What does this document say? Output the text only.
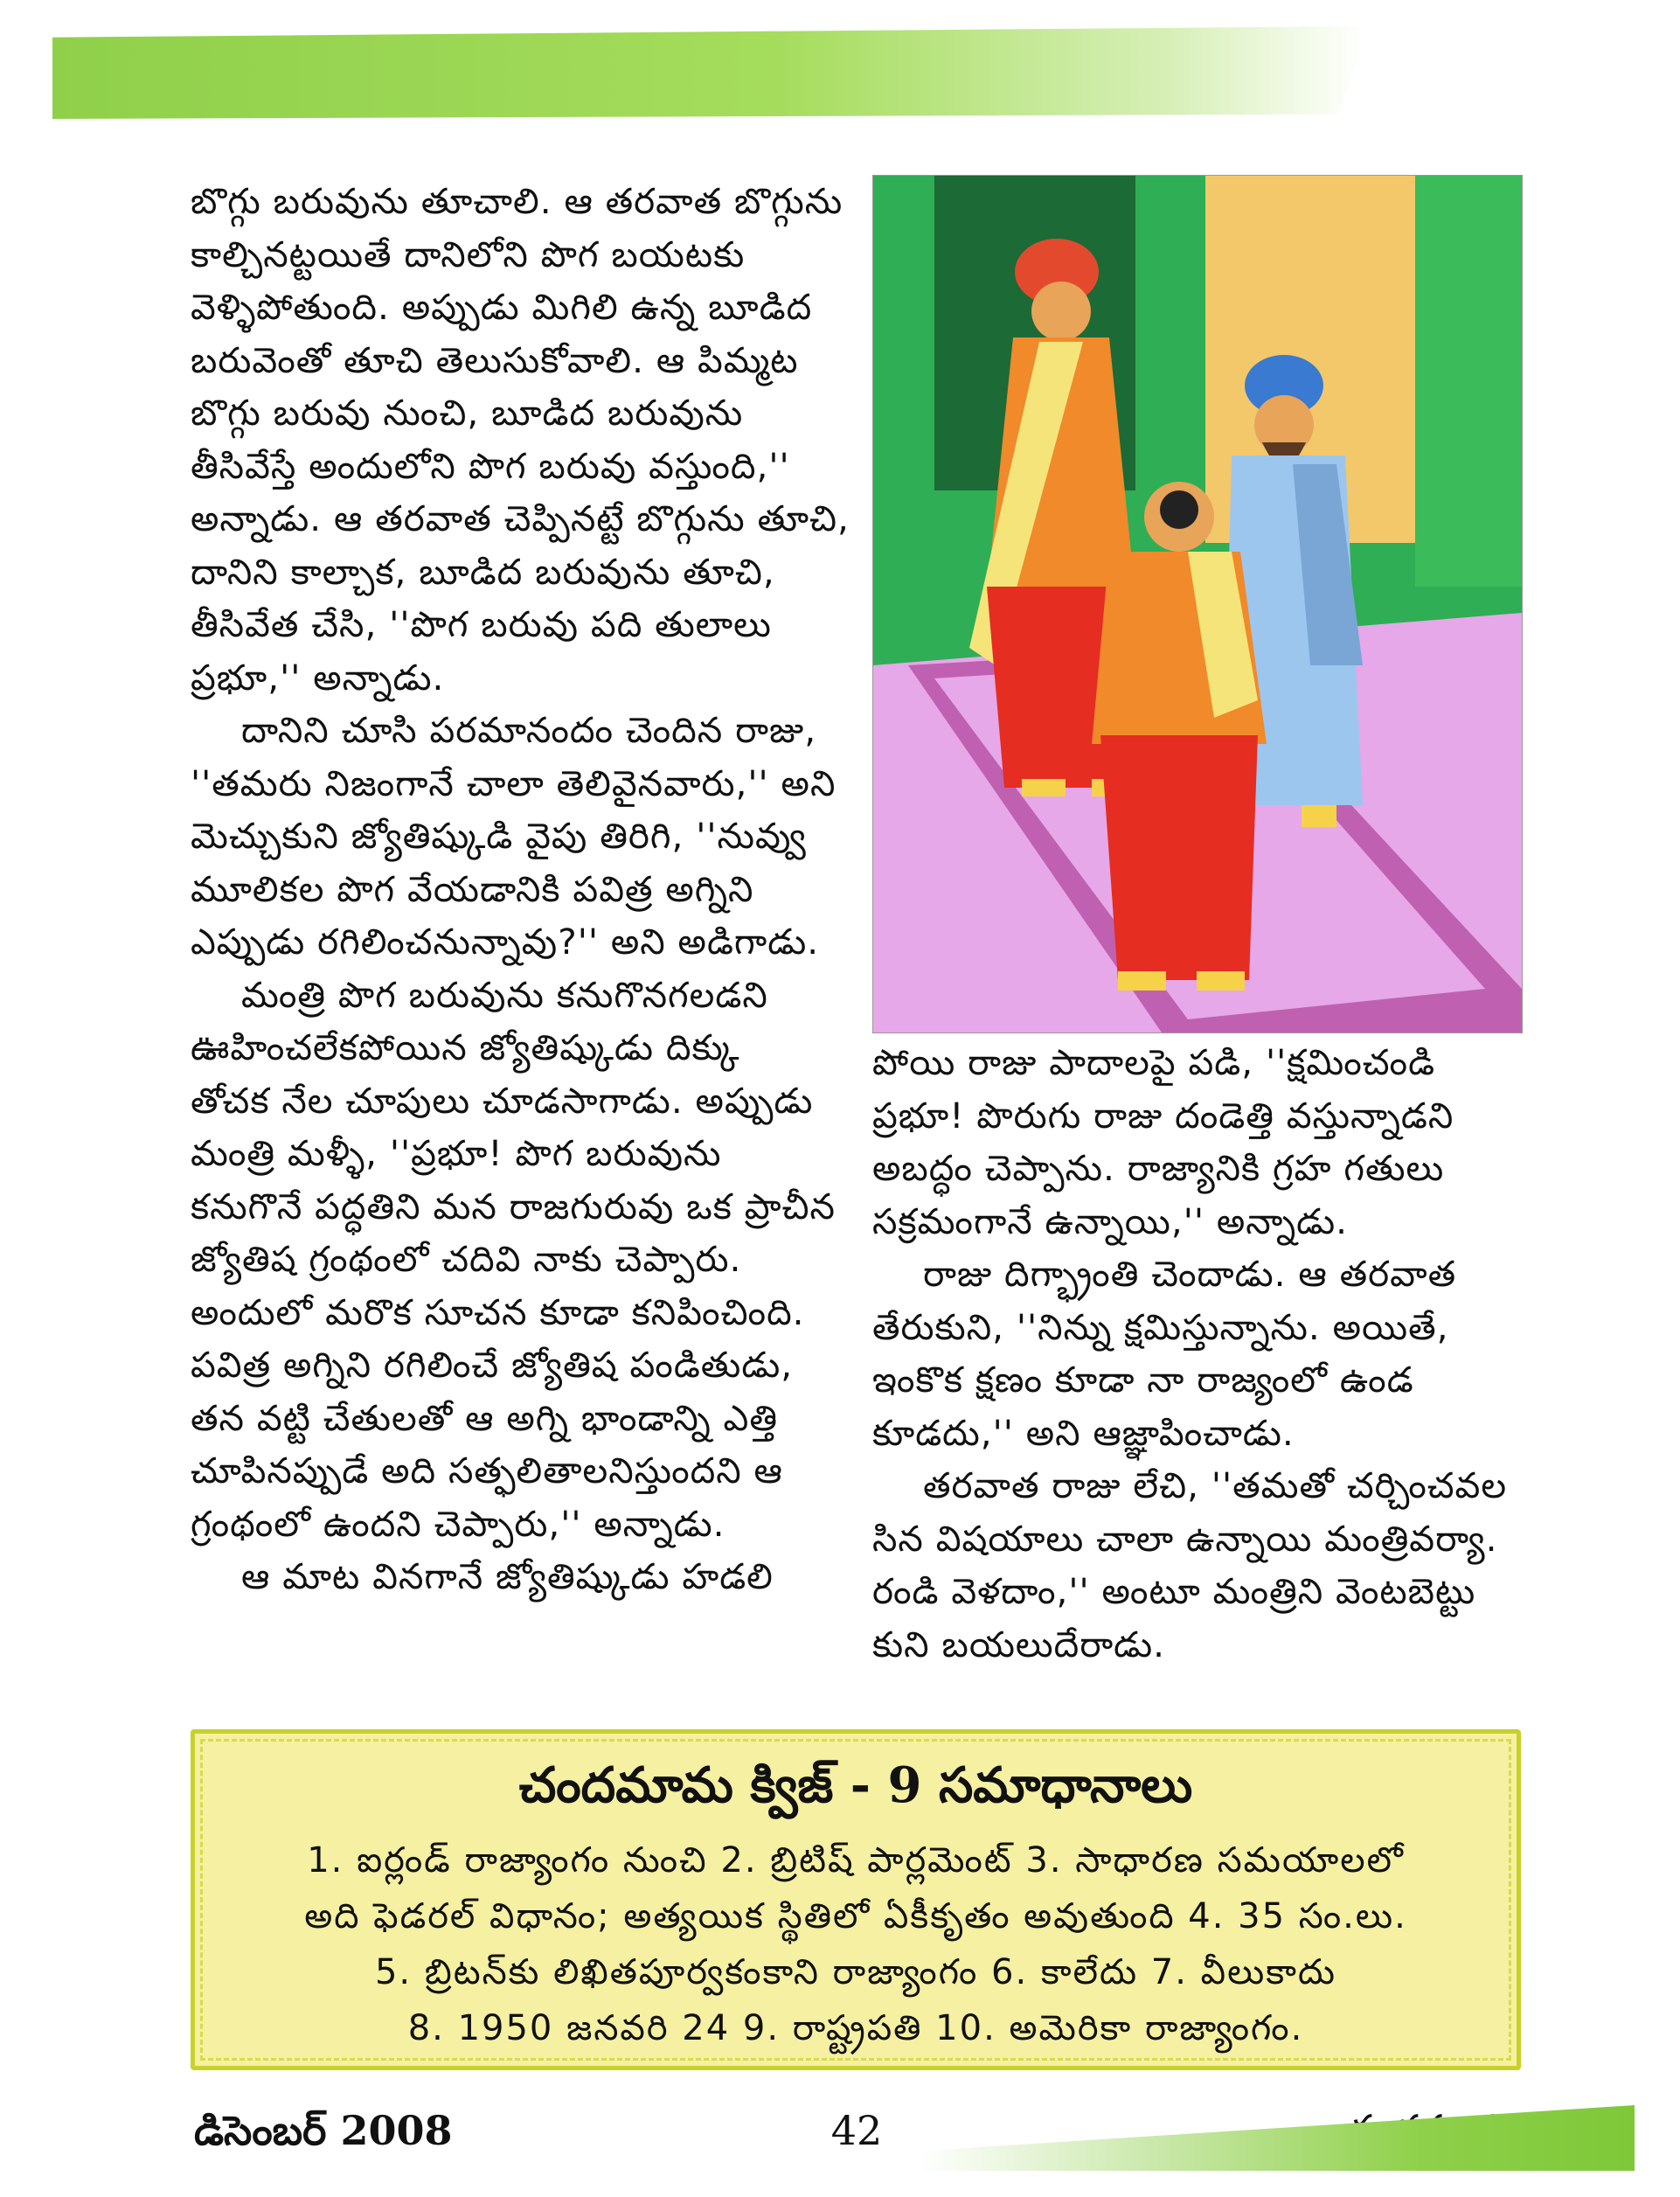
బొగ్గు బరువును తూచాలి. ఆ తరవాత బొగ్గును
కాల్చినట్టయితే దానిలోని పొగ బయటకు
వెళ్ళిపోతుంది. అప్పుడు మిగిలి ఉన్న బూడిద
బరువెంతో తూచి తెలుసుకోవాలి. ఆ పిమ్మట
బొగ్గు బరువు నుంచి, బూడిద బరువును
తీసివేస్తే అందులోని పొగ బరువు వస్తుంది,''
అన్నాడు. ఆ తరవాత చెప్పినట్టే బొగ్గును తూచి,
దానిని కాల్చాక, బూడిద బరువును తూచి,
తీసివేత చేసి, ''పొగ బరువు పది తులాలు
ప్రభూ,'' అన్నాడు.
దానిని చూసి పరమానందం చెందిన రాజు,
''తమరు నిజంగానే చాలా తెలివైనవారు,'' అని
మెచ్చుకుని జ్యోతిష్కుడి వైపు తిరిగి, ''నువ్వు
మూలికల పొగ వేయడానికి పవిత్ర అగ్నిని
ఎప్పుడు రగిలించనున్నావు?'' అని అడిగాడు.
మంత్రి పొగ బరువును కనుగొనగలడని
ఊహించలేకపోయిన జ్యోతిష్కుడు దిక్కు
తోచక నేల చూపులు చూడసాగాడు. అప్పుడు
మంత్రి మళ్ళీ, ''ప్రభూ! పొగ బరువును
కనుగొనే పద్ధతిని మన రాజగురువు ఒక ప్రాచీన
జ్యోతిష గ్రంథంలో చదివి నాకు చెప్పారు.
అందులో మరొక సూచన కూడా కనిపించింది.
పవిత్ర అగ్నిని రగిలించే జ్యోతిష పండితుడు,
తన వట్టి చేతులతో ఆ అగ్ని భాండాన్ని ఎత్తి
చూపినప్పుడే అది సత్ఫలితాలనిస్తుందని ఆ
గ్రంథంలో ఉందని చెప్పారు,'' అన్నాడు.
ఆ మాట వినగానే జ్యోతిష్కుడు హడలి
పోయి రాజు పాదాలపై పడి, ''క్షమించండి
ప్రభూ! పొరుగు రాజు దండెత్తి వస్తున్నాడని
అబద్ధం చెప్పాను. రాజ్యానికి గ్రహ గతులు
సక్రమంగానే ఉన్నాయి,'' అన్నాడు.
రాజు దిగ్భ్రాంతి చెందాడు. ఆ తరవాత
తేరుకుని, ''నిన్ను క్షమిస్తున్నాను. అయితే,
ఇంకొక క్షణం కూడా నా రాజ్యంలో ఉండ
కూడదు,'' అని ఆజ్ఞాపించాడు.
తరవాత రాజు లేచి, ''తమతో చర్చించవల
సిన విషయాలు చాలా ఉన్నాయి మంత్రివర్యా.
రండి వెళదాం,'' అంటూ మంత్రిని వెంటబెట్టు
కుని బయలుదేరాడు.
చందమామ క్విజ్ - 9 సమాధానాలు
1. ఐర్లండ్ రాజ్యాంగం నుంచి 2. బ్రిటిష్ పార్లమెంట్ 3. సాధారణ సమయాలలో
అది ఫెడరల్ విధానం; అత్యయిక స్థితిలో ఏకీకృతం అవుతుంది 4. 35 సం.లు.
5. బ్రిటన్‌కు లిఖితపూర్వకంకాని రాజ్యాంగం 6. కాలేదు 7. వీలుకాదు
8. 1950 జనవరి 24 9. రాష్ట్రపతి 10. అమెరికా రాజ్యాంగం.
డిసెంబర్ 2008	42
